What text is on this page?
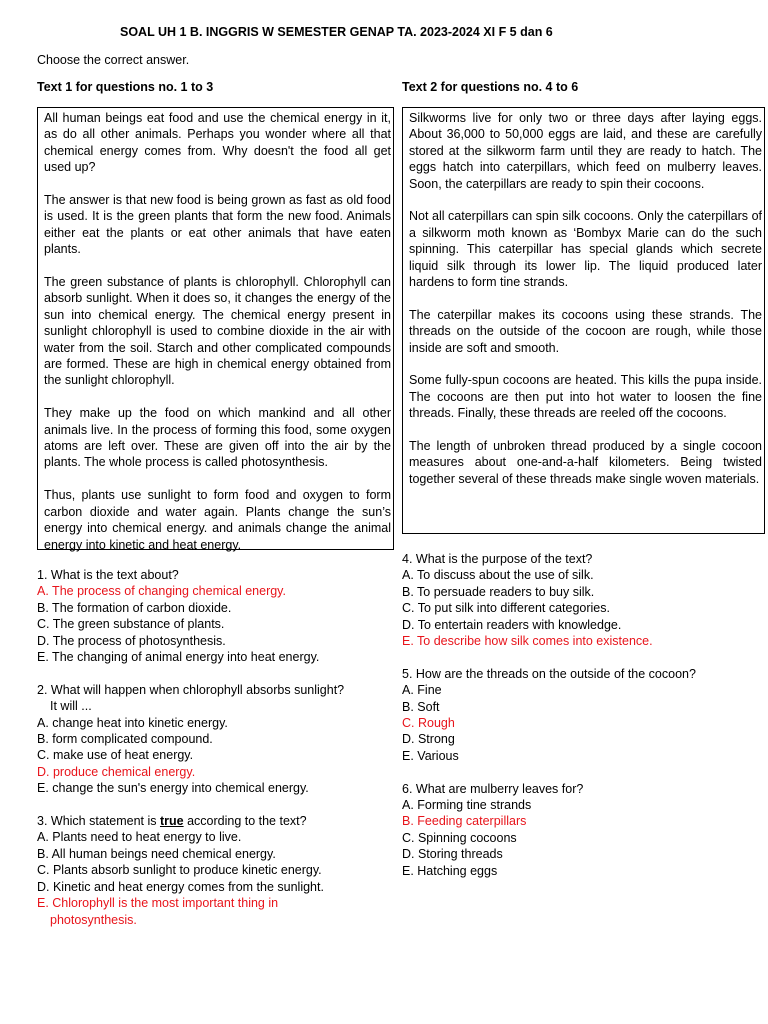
SOAL UH 1 B. INGGRIS W SEMESTER GENAP TA. 2023-2024 XI F 5 dan 6
Choose the correct answer.
Text 1 for questions no. 1 to 3	Text 2 for questions no. 4 to 6

All human beings eat food and use the chemical energy in it, as do all other animals. Perhaps you wonder where all that chemical energy comes from. Why doesn't the food all get used up?

The answer is that new food is being grown as fast as old food is used. It is the green plants that form the new food. Animals either eat the plants or eat other animals that have eaten plants.

The green substance of plants is chlorophyll. Chlorophyll can absorb sunlight. When it does so, it changes the energy of the sun into chemical energy. The chemical energy present in sunlight chlorophyll is used to combine dioxide in the air with water from the soil. Starch and other complicated compounds are formed. These are high in chemical energy obtained from the sunlight chlorophyll.

They make up the food on which mankind and all other animals live. In the process of forming this food, some oxygen atoms are left over. These are given off into the air by the plants. The whole process is called photosynthesis.

Thus, plants use sunlight to form food and oxygen to form carbon dioxide and water again. Plants change the sun’s energy into chemical energy. and animals change the animal energy into kinetic and heat energy.

Silkworms live for only two or three days after laying eggs. About 36,000 to 50,000 eggs are laid, and these are carefully stored at the silkworm farm until they are ready to hatch. The eggs hatch into caterpillars, which feed on mulberry leaves. Soon, the caterpillars are ready to spin their cocoons.

Not all caterpillars can spin silk cocoons. Only the caterpillars of a silkworm moth known as ‘Bombyx Marie can do the such spinning. This caterpillar has special glands which secrete liquid silk through its lower lip. The liquid produced later hardens to form tine strands.

The caterpillar makes its cocoons using these strands. The threads on the outside of the cocoon are rough, while those inside are soft and smooth.

Some fully-spun cocoons are heated. This kills the pupa inside. The cocoons are then put into hot water to loosen the fine threads. Finally, these threads are reeled off the cocoons.

The length of unbroken thread produced by a single cocoon measures about one-and-a-half kilometers. Being twisted together several of these threads make single woven materials.

1. What is the text about?
A. The process of changing chemical energy.
B. The formation of carbon dioxide.
C. The green substance of plants.
D. The process of photosynthesis.
E. The changing of animal energy into heat energy.
2. What will happen when chlorophyll absorbs sunlight?
It will ...
A. change heat into kinetic energy.
B. form complicated compound.
C. make use of heat energy.
D. produce chemical energy.
E. change the sun's energy into chemical energy.
3. Which statement is true according to the text?
A. Plants need to heat energy to live.
B. All human beings need chemical energy.
C. Plants absorb sunlight to produce kinetic energy.
D. Kinetic and heat energy comes from the sunlight.
E. Chlorophyll is the most important thing in
photosynthesis.
4. What is the purpose of the text?
A. To discuss about the use of silk.
B. To persuade readers to buy silk.
C. To put silk into different categories.
D. To entertain readers with knowledge.
E. To describe how silk comes into existence.
5. How are the threads on the outside of the cocoon?
A. Fine
B. Soft
C. Rough
D. Strong
E. Various
6. What are mulberry leaves for?
A. Forming tine strands
B. Feeding caterpillars
C. Spinning cocoons
D. Storing threads
E. Hatching eggs
